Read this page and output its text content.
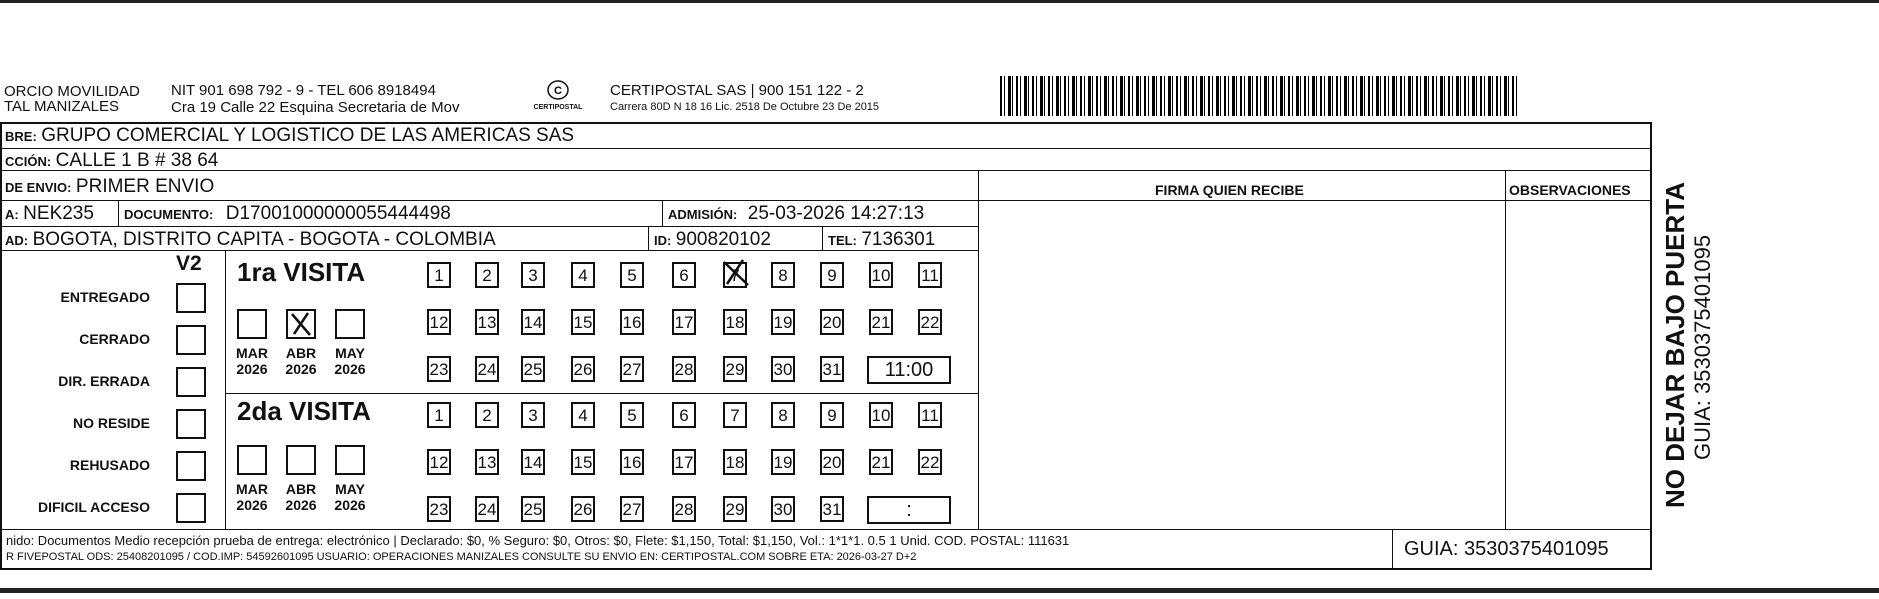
ORCIO MOVILIDAD
TAL MANIZALES
NIT 901 698 792 - 9 - TEL 606 8918494
Cra 19 Calle 22 Esquina Secretaria de Mov
C
CERTIPOSTAL
CERTIPOSTAL SAS | 900 151 122 - 2
Carrera 80D N 18 16 Lic. 2518 De Octubre 23 De 2015
BRE: GRUPO COMERCIAL Y LOGISTICO DE LAS AMERICAS SAS
CCIÓN: CALLE 1 B # 38 64
DE ENVIO: PRIMER ENVIO	FIRMA QUIEN RECIBE	OBSERVACIONES
A: NEK235 DOCUMENTO: D17001000000055444498	ADMISIÓN: 25-03-2026 14:27:13
AD: BOGOTA, DISTRITO CAPITA - BOGOTA - COLOMBIA	ID: 900820102	TEL: 7136301
V2
ENTREGADO
CERRADO
DIR. ERRADA
NO RESIDE
REHUSADO
DIFICIL ACCESO
1ra VISITA
MAR
2026
ABR
2026
MAY
2026
1	2	3	4	5	6	7	8	9	10 11
12 13 14 15 16 17 18 19 20 21 22
23 24 25 26 27 28 29 30 31	11:00
2da VISITA
MAR
2026
ABR
2026
MAY
2026
1	2	3	4	5	6	7	8	9	10 11
12 13 14 15 16 17 18 19 20 21 22
23 24 25 26 27 28 29 30 31	:
nido: Documentos Medio recepción prueba de entrega: electrónico | Declarado: $0, % Seguro: $0, Otros: $0, Flete: $1,150, Total: $1,150, Vol.: 1*1*1. 0.5 1 Unid. COD. POSTAL: 111631
R FIVEPOSTAL ODS: 25408201095 / COD.IMP: 54592601095 USUARIO: OPERACIONES MANIZALES CONSULTE SU ENVIO EN: CERTIPOSTAL.COM SOBRE ETA: 2026-03-27 D+2	GUIA: 3530375401095
NO DEJAR BAJO PUERTA GUIA: 3530375401095
